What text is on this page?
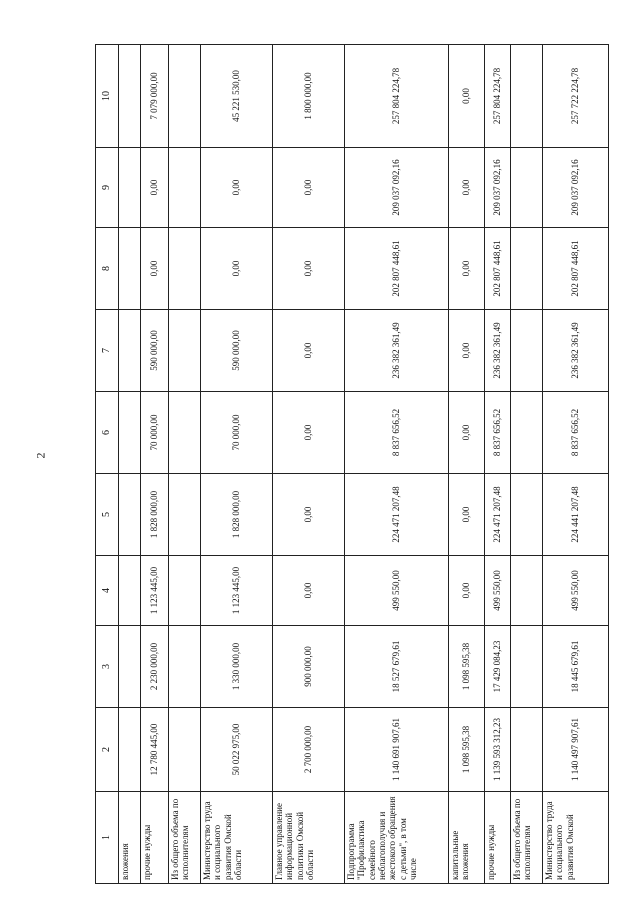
2
1	2	3	4	5	6	7	8	9	10
вложения									
прочие нужды	12 780 445,00	2 230 000,00	1 123 445,00	1 828 000,00	70 000,00	590 000,00	0,00	0,00	7 079 000,00
Из общего объема по исполнителям									
Министерство труда и социального развития Омской области	50 022 975,00	1 330 000,00	1 123 445,00	1 828 000,00	70 000,00	590 000,00	0,00	0,00	45 221 530,00
Главное управление информационной политики Омской области	2 700 000,00	900 000,00	0,00	0,00	0,00	0,00	0,00	0,00	1 800 000,00
Подпрограмма "Профилактика семейного неблагополучия и жестокого обращения с детьми", в том числе	1 140 691 907,61	18 527 679,61	499 550,00	224 471 207,48	8 837 656,52	236 382 361,49	202 807 448,61	209 037 092,16	257 804 224,78
капитальные вложения	1 098 595,38	1 098 595,38	0,00	0,00	0,00	0,00	0,00	0,00	0,00
прочие нужды	1 139 593 312,23	17 429 084,23	499 550,00	224 471 207,48	8 837 656,52	236 382 361,49	202 807 448,61	209 037 092,16	257 804 224,78
Из общего объема по исполнителям									
Министерство труда и социального развития Омской	1 140 497 907,61	18 445 679,61	499 550,00	224 441 207,48	8 837 656,52	236 382 361,49	202 807 448,61	209 037 092,16	257 722 224,78
